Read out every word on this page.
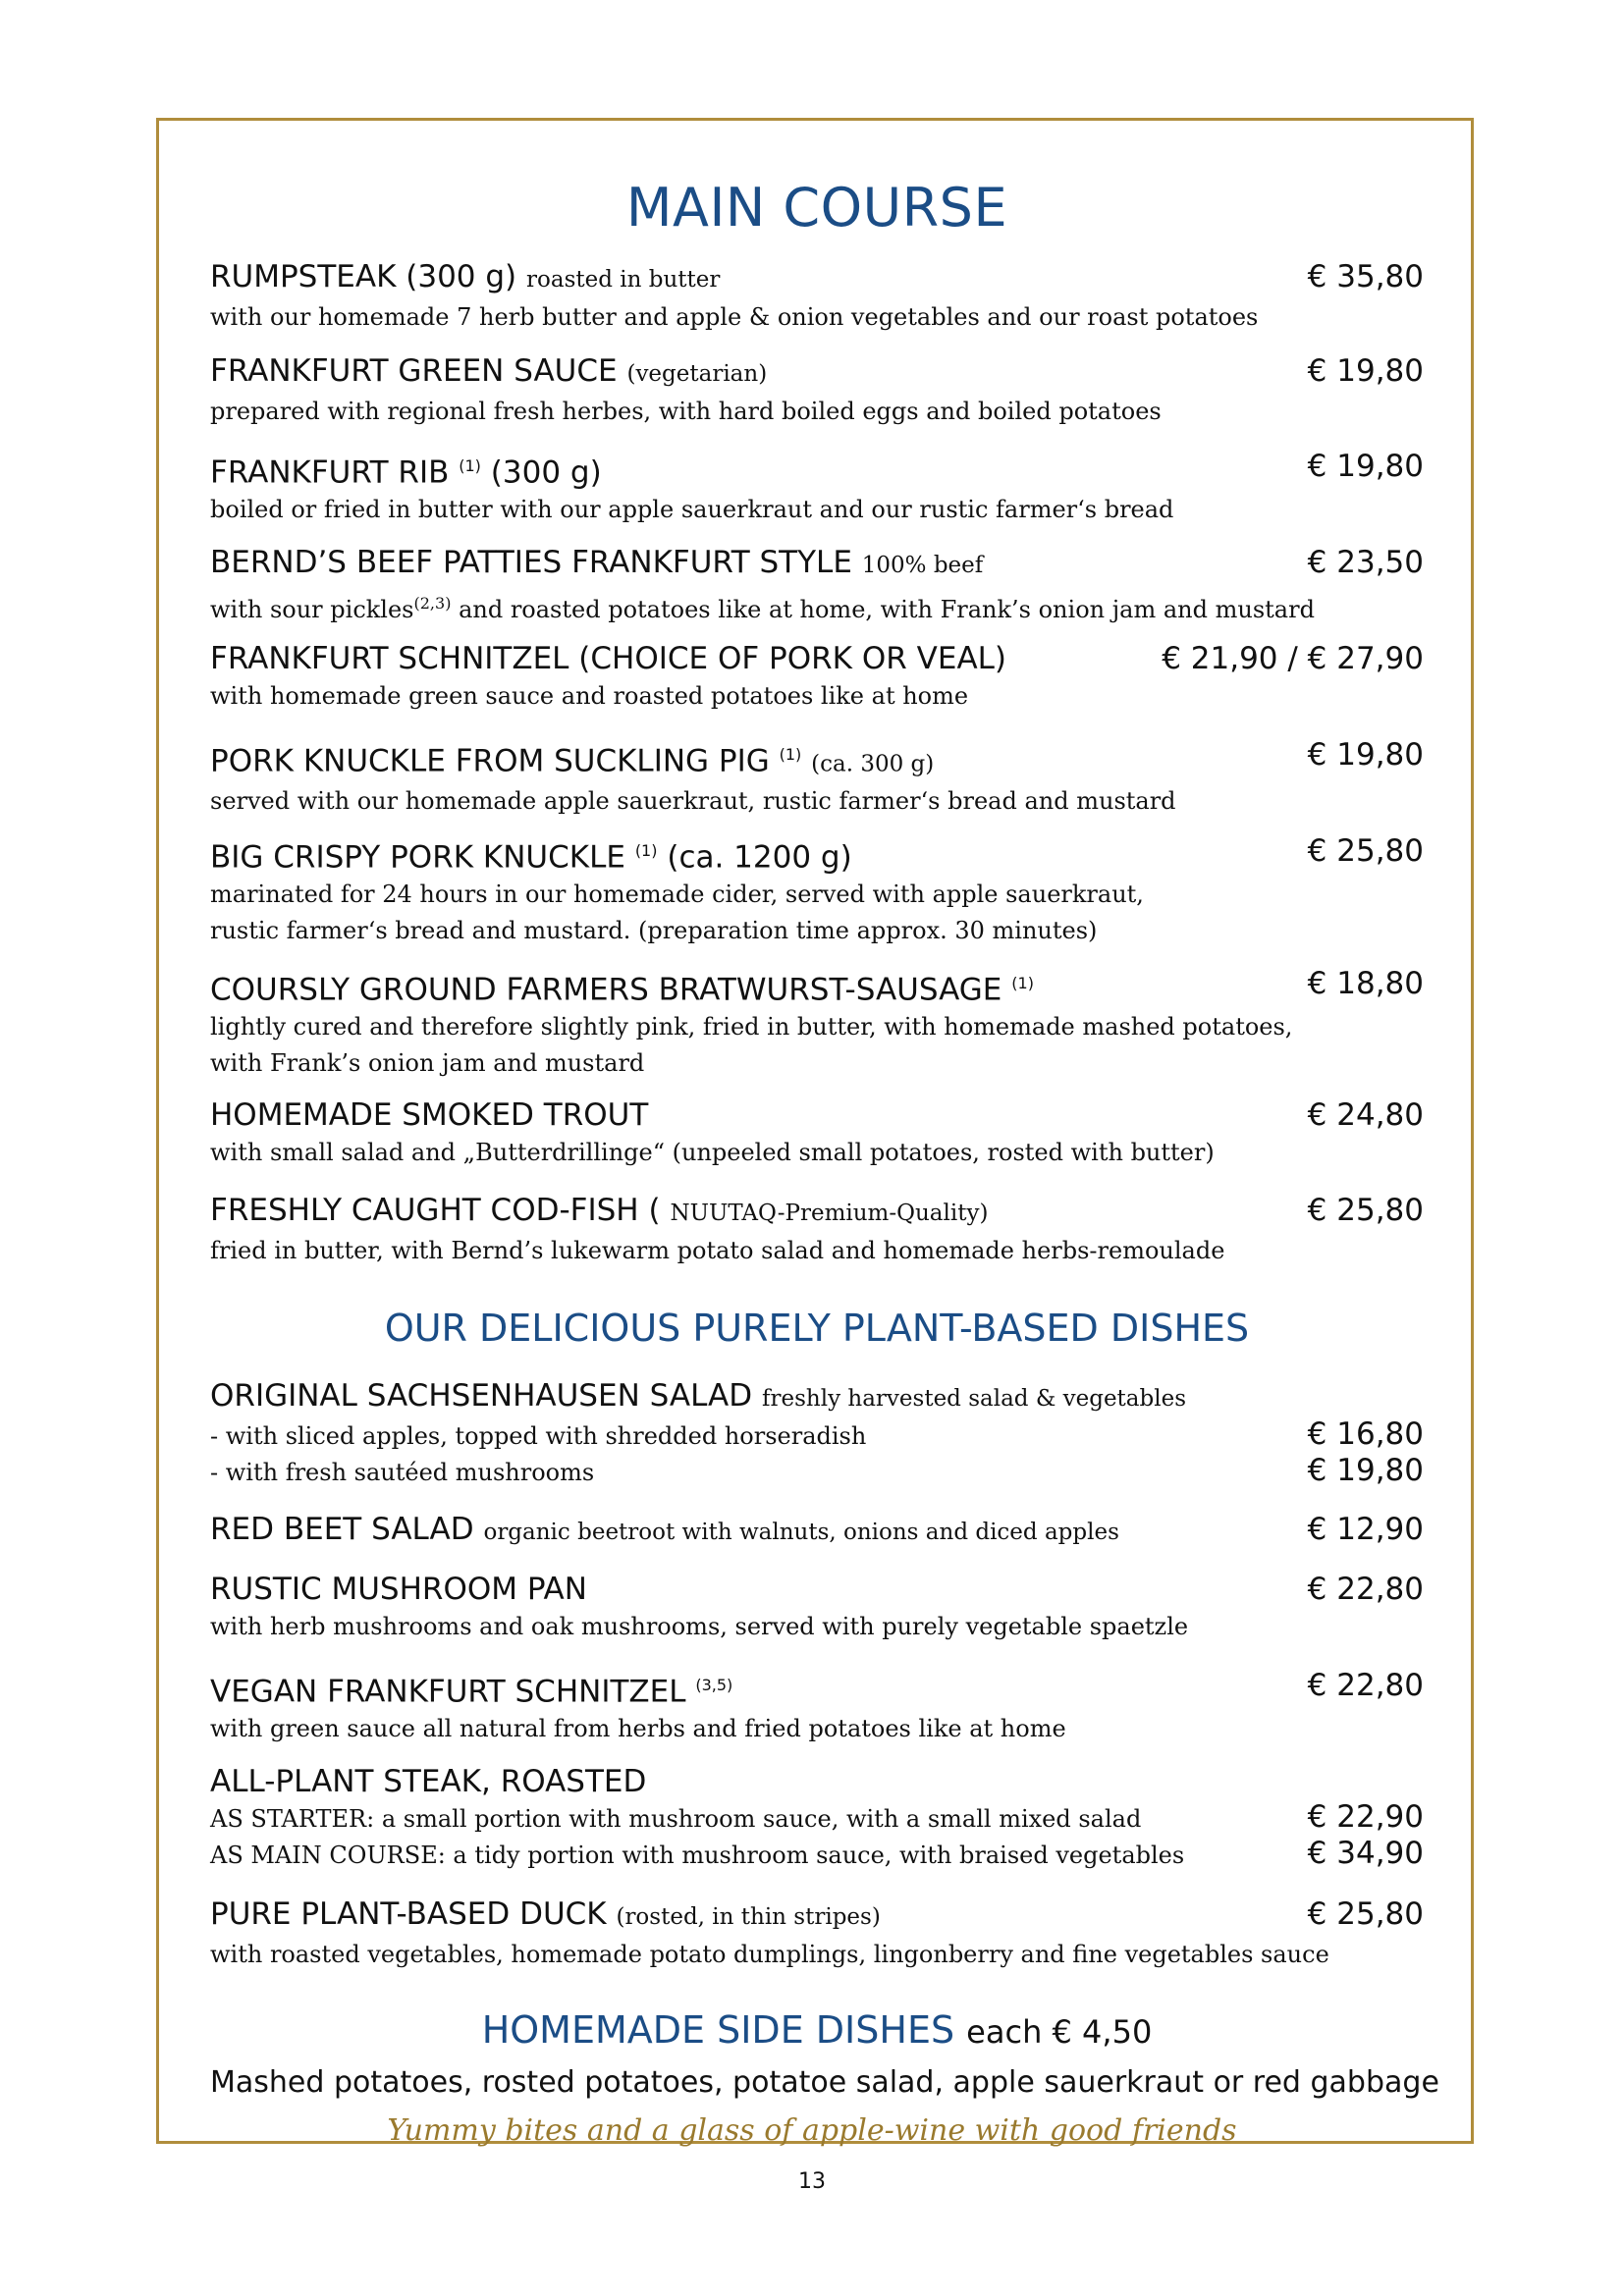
MAIN COURSE
RUMPSTEAK (300 g) roasted in butter	€ 35,80
with our homemade 7 herb butter and apple & onion vegetables and our roast potatoes
FRANKFURT GREEN SAUCE (vegetarian)	€ 19,80
prepared with regional fresh herbes, with hard boiled eggs and boiled potatoes
FRANKFURT RIB $^{(1)}$ (300 g)	€ 19,80
boiled or fried in butter with our apple sauerkraut and our rustic farmer‘s bread
BERND’S BEEF PATTIES FRANKFURT STYLE 100% beef	€ 23,50
with sour pickles$^{(2,3)}$ and roasted potatoes like at home, with Frank’s onion jam and mustard
FRANKFURT SCHNITZEL (CHOICE OF PORK OR VEAL)	€ 21,90 / € 27,90
with homemade green sauce and roasted potatoes like at home
PORK KNUCKLE FROM SUCKLING PIG $^{(1)}$ (ca. 300 g)	€ 19,80
served with our homemade apple sauerkraut, rustic farmer‘s bread and mustard
BIG CRISPY PORK KNUCKLE $^{(1)}$ (ca. 1200 g)	€ 25,80
marinated for 24 hours in our homemade cider, served with apple sauerkraut,
rustic farmer‘s bread and mustard. (preparation time approx. 30 minutes)
COURSLY GROUND FARMERS BRATWURST-SAUSAGE $^{(1)}$	€ 18,80
lightly cured and therefore slightly pink, fried in butter, with homemade mashed potatoes,
with Frank’s onion jam and mustard
HOMEMADE SMOKED TROUT	€ 24,80
with small salad and „Butterdrillinge“ (unpeeled small potatoes, rosted with butter)
FRESHLY CAUGHT COD-FISH ( NUUTAQ-Premium-Quality)	€ 25,80
fried in butter, with Bernd’s lukewarm potato salad and homemade herbs-remoulade
OUR DELICIOUS PURELY PLANT-BASED DISHES
ORIGINAL SACHSENHAUSEN SALAD freshly harvested salad & vegetables
- with sliced apples, topped with shredded horseradish	€ 16,80
- with fresh sautéed mushrooms	€ 19,80
RED BEET SALAD organic beetroot with walnuts, onions and diced apples	€ 12,90
RUSTIC MUSHROOM PAN	€ 22,80
with herb mushrooms and oak mushrooms, served with purely vegetable spaetzle
VEGAN FRANKFURT SCHNITZEL $^{(3,5)}$	€ 22,80
with green sauce all natural from herbs and fried potatoes like at home
ALL-PLANT STEAK, ROASTED
AS STARTER: a small portion with mushroom sauce, with a small mixed salad	€ 22,90
AS MAIN COURSE: a tidy portion with mushroom sauce, with braised vegetables	€ 34,90
PURE PLANT-BASED DUCK (rosted, in thin stripes)	€ 25,80
with roasted vegetables, homemade potato dumplings, lingonberry and fine vegetables sauce
HOMEMADE SIDE DISHES each € 4,50
Mashed potatoes, rosted potatoes, potatoe salad, apple sauerkraut or red gabbage
Yummy bites and a glass of apple-wine with good friends
13
